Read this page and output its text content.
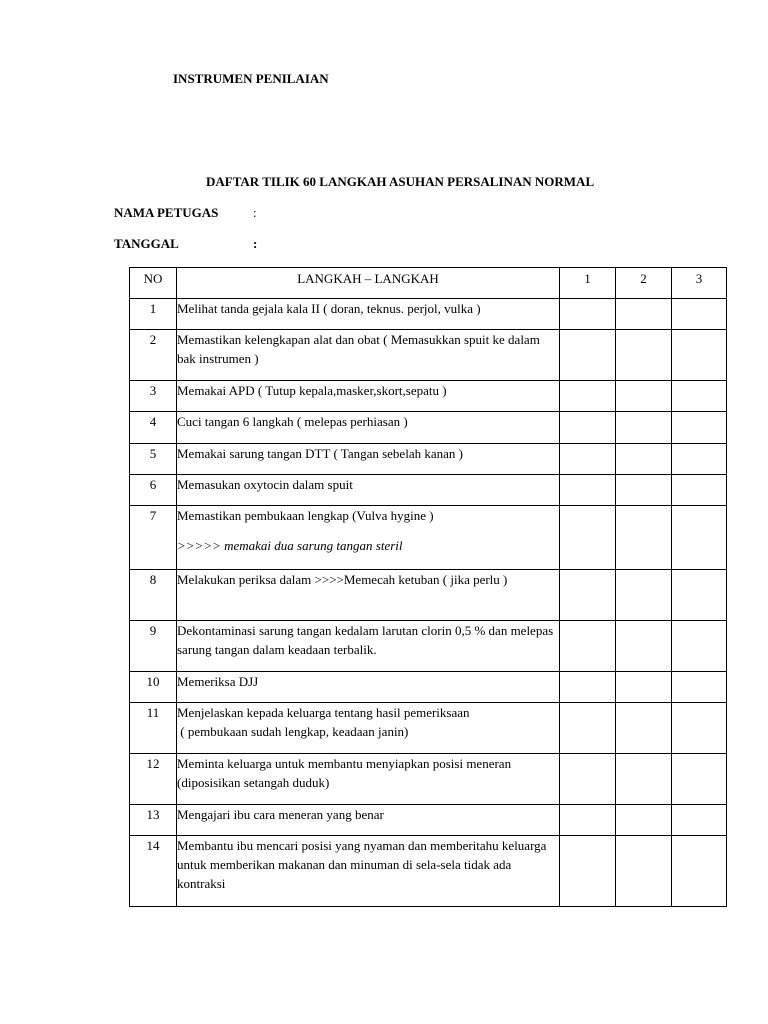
INSTRUMEN PENILAIAN
DAFTAR TILIK 60 LANGKAH ASUHAN PERSALINAN NORMAL
NAMA PETUGAS	:
TANGGAL	:
NO	LANGKAH – LANGKAH	1	2	3
1	Melihat tanda gejala kala II ( doran, teknus. perjol, vulka )			
2	Memastikan kelengkapan alat dan obat ( Memasukkan spuit ke dalam bak instrumen )			
3	Memakai APD ( Tutup kepala,masker,skort,sepatu )			
4	Cuci tangan 6 langkah ( melepas perhiasan )			
5	Memakai sarung tangan DTT ( Tangan sebelah kanan )			
6	Memasukan oxytocin dalam spuit			
7	Memastikan pembukaan lengkap (Vulva hygine )
>>>>> memakai dua sarung tangan steril			

8	Melakukan periksa dalam >>>>Memecah ketuban ( jika perlu )			
9	Dekontaminasi sarung tangan kedalam larutan clorin 0,5 % dan melepas sarung tangan dalam keadaan terbalik.			
10	Memeriksa DJJ			
11	Menjelaskan kepada keluarga tentang hasil pemeriksaan
( pembukaan sudah lengkap, keadaan janin)			
12	Meminta keluarga untuk membantu menyiapkan posisi meneran (diposisikan setangah duduk)			
13	Mengajari ibu cara meneran yang benar			
14	Membantu ibu mencari posisi yang nyaman dan memberitahu keluarga untuk memberikan makanan dan minuman di sela-sela tidak ada kontraksi			
